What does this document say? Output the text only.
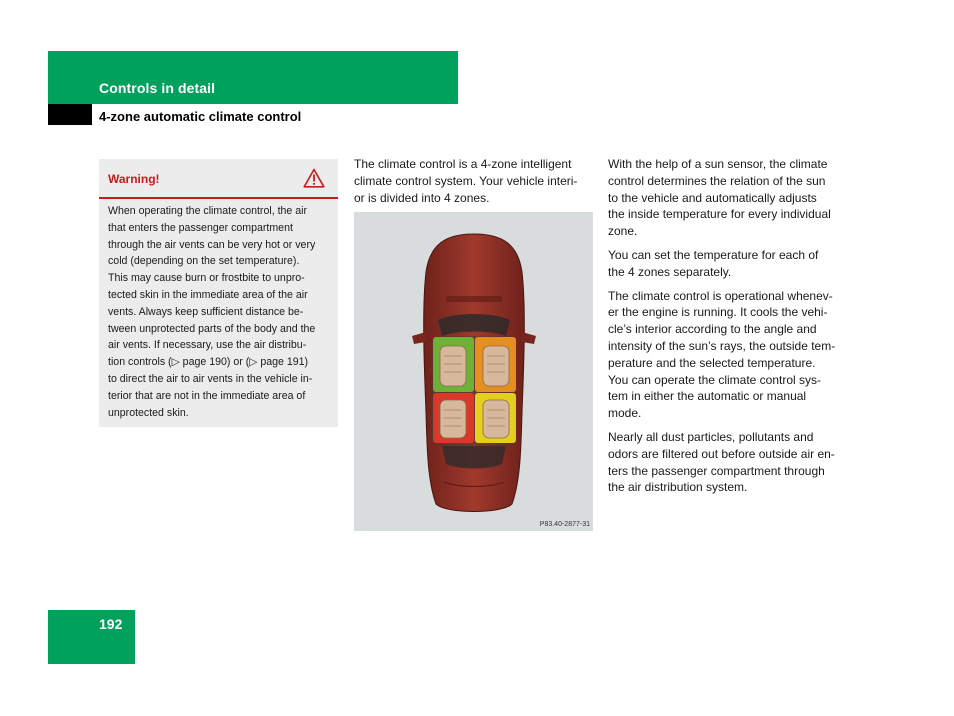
Controls in detail
4-zone automatic climate control
Warning!
When operating the climate control, the air
that enters the passenger compartment
through the air vents can be very hot or very
cold (depending on the set temperature).
This may cause burn or frostbite to unpro-
tected skin in the immediate area of the air
vents. Always keep sufficient distance be-
tween unprotected parts of the body and the
air vents. If necessary, use the air distribu-
tion controls (▷ page 190) or (▷ page 191)
to direct the air to air vents in the vehicle in-
terior that are not in the immediate area of
unprotected skin.
The climate control is a 4-zone intelligent
climate control system. Your vehicle interi-
or is divided into 4 zones.
P83.40-2877-31

With the help of a sun sensor, the climate
control determines the relation of the sun
to the vehicle and automatically adjusts
the inside temperature for every individual
zone.

You can set the temperature for each of
the 4 zones separately.

The climate control is operational whenev-
er the engine is running. It cools the vehi-
cle’s interior according to the angle and
intensity of the sun’s rays, the outside tem-
perature and the selected temperature.
You can operate the climate control sys-
tem in either the automatic or manual
mode.

Nearly all dust particles, pollutants and
odors are filtered out before outside air en-
ters the passenger compartment through
the air distribution system.

192
